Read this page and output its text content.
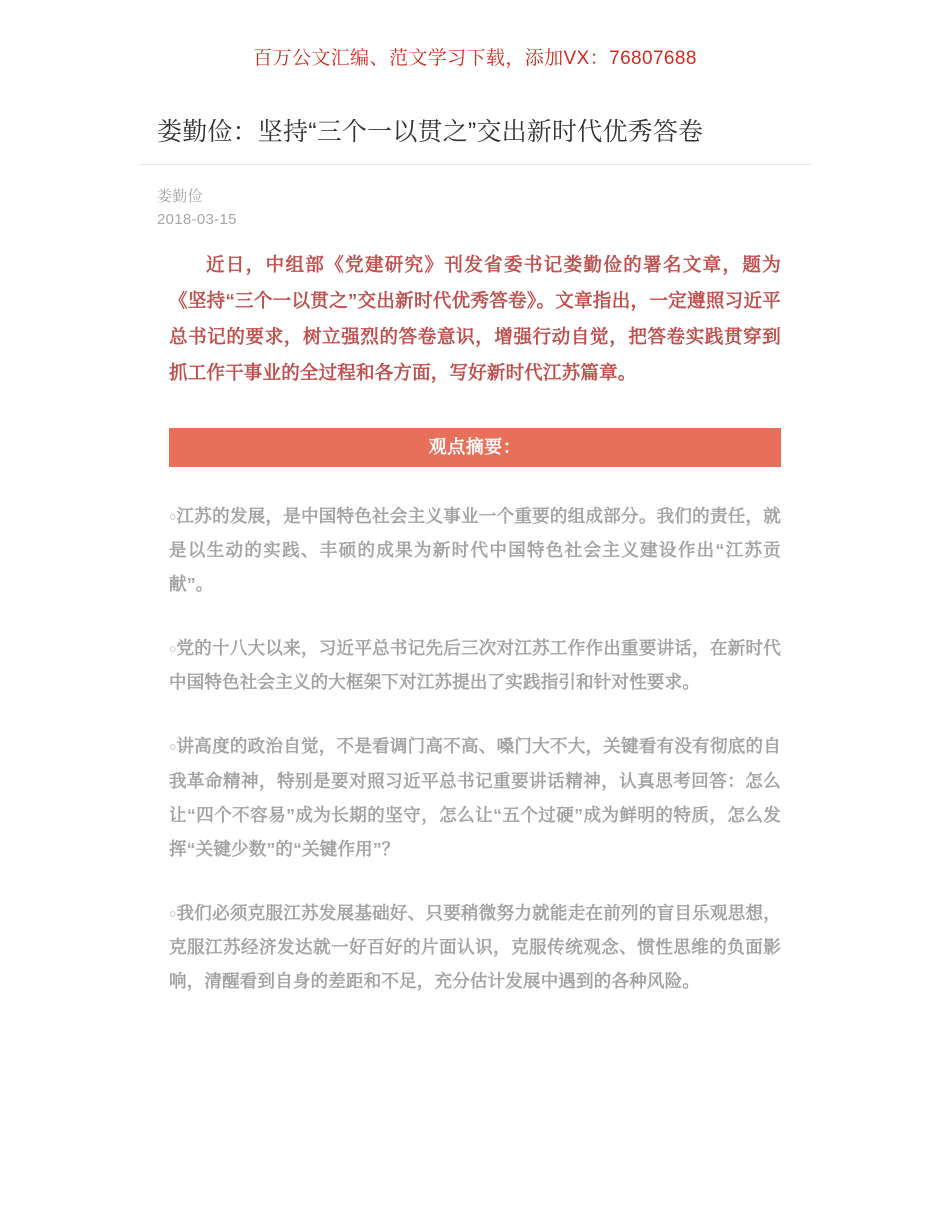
百万公文汇编、范文学习下载，添加VX：76807688
娄勤俭：坚持“三个一以贯之”交出新时代优秀答卷
娄勤俭
2018-03-15

近日，中组部《党建研究》刊发省委书记娄勤俭的署名文章，题为《坚持“三个一以贯之”交出新时代优秀答卷》。文章指出，一定遵照习近平总书记的要求，树立强烈的答卷意识，增强行动自觉，把答卷实践贯穿到抓工作干事业的全过程和各方面，写好新时代江苏篇章。

观点摘要：
○江苏的发展，是中国特色社会主义事业一个重要的组成部分。我们的责任，就是以生动的实践、丰硕的成果为新时代中国特色社会主义建设作出“江苏贡献”。
○党的十八大以来，习近平总书记先后三次对江苏工作作出重要讲话，在新时代中国特色社会主义的大框架下对江苏提出了实践指引和针对性要求。
○讲高度的政治自觉，不是看调门高不高、嗓门大不大，关键看有没有彻底的自我革命精神，特别是要对照习近平总书记重要讲话精神，认真思考回答：怎么让“四个不容易”成为长期的坚守，怎么让“五个过硬”成为鲜明的特质，怎么发挥“关键少数”的“关键作用”？
○我们必须克服江苏发展基础好、只要稍微努力就能走在前列的盲目乐观思想，克服江苏经济发达就一好百好的片面认识，克服传统观念、惯性思维的负面影响，清醒看到自身的差距和不足，充分估计发展中遇到的各种风险。
